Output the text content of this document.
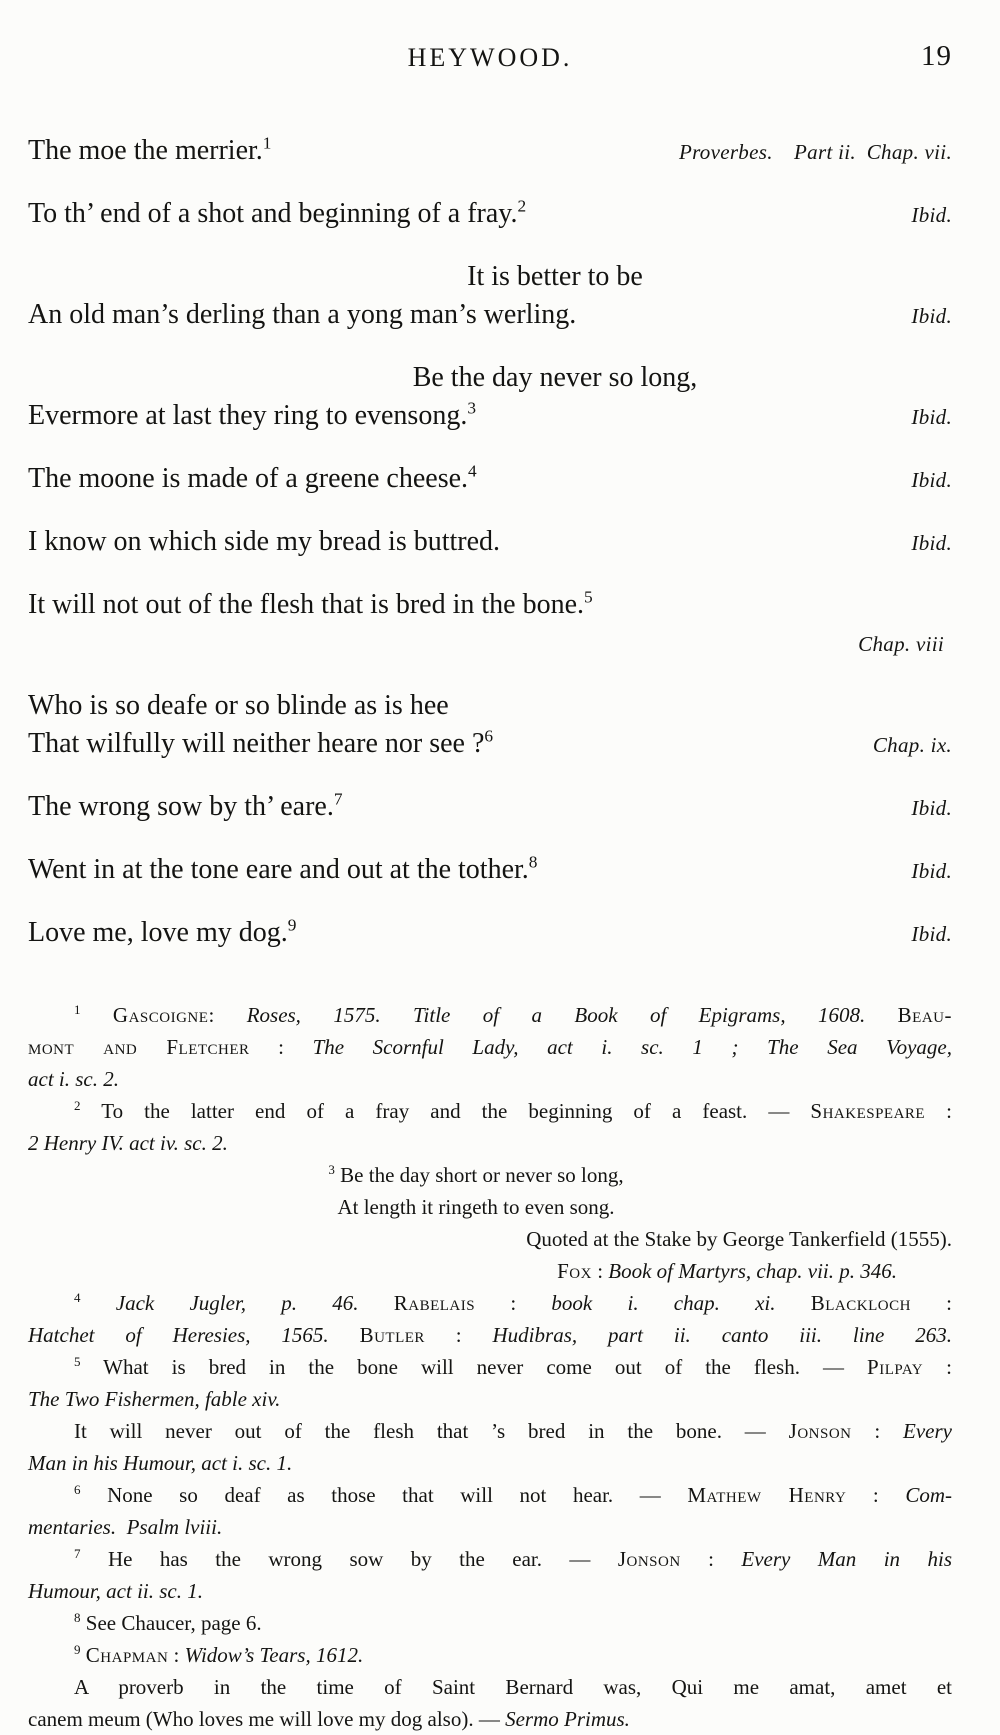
HEYWOOD.	19
The moe the merrier.$^1$	Proverbes. Part ii. Chap. vii.
To th’ end of a shot and beginning of a fray.$^2$	Ibid.
It is better to be
An old man’s derling than a yong man’s werling.	Ibid.
Be the day never so long,
Evermore at last they ring to evensong.$^3$	Ibid.
The moone is made of a greene cheese.$^4$	Ibid.
I know on which side my bread is buttred.	Ibid.
It will not out of the flesh that is bred in the bone.$^5$
Chap. viii
Who is so deafe or so blinde as is hee
That wilfully will neither heare nor see ?$^6$	Chap. ix.
The wrong sow by th’ eare.$^7$	Ibid.
Went in at the tone eare and out at the tother.$^8$	Ibid.
Love me, love my dog.$^9$	Ibid.
$^1$ Gascoigne: Roses, 1575. Title of a Book of Epigrams, 1608. Beau-
mont and Fletcher : The Scornful Lady, act i. sc. 1 ; The Sea Voyage,
act i. sc. 2.
$^2$ To the latter end of a fray and the beginning of a feast. — Shakespeare :
2 Henry IV. act iv. sc. 2.
$^3$ Be the day short or never so long,
At length it ringeth to even song.
Quoted at the Stake by George Tankerfield (1555).
Fox : Book of Martyrs, chap. vii. p. 346.
$^4$ Jack Jugler, p. 46. Rabelais : book i. chap. xi. Blackloch :
Hatchet of Heresies, 1565. Butler : Hudibras, part ii. canto iii. line 263.
$^5$ What is bred in the bone will never come out of the flesh. — Pilpay :
The Two Fishermen, fable xiv.
It will never out of the flesh that ’s bred in the bone. — Jonson : Every
Man in his Humour, act i. sc. 1.
$^6$ None so deaf as those that will not hear. — Mathew Henry : Com-
mentaries. Psalm lviii.
$^7$ He has the wrong sow by the ear. — Jonson : Every Man in his
Humour, act ii. sc. 1.
$^8$ See Chaucer, page 6.
$^9$ Chapman : Widow’s Tears, 1612.
A proverb in the time of Saint Bernard was, Qui me amat, amet et
canem meum (Who loves me will love my dog also). — Sermo Primus.
